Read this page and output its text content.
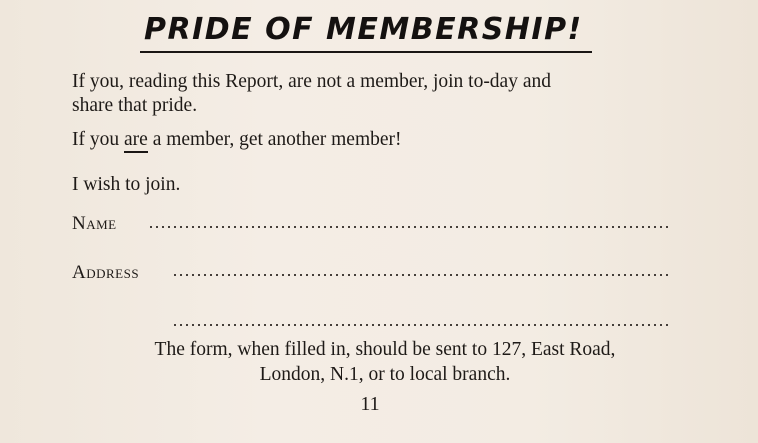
PRIDE OF MEMBERSHIP!
If you, reading this Report, are not a member, join to-day and
share that pride.
If you are a member, get another member!
I wish to join.
Name
Address
The form, when filled in, should be sent to 127, East Road,
London, N.1, or to local branch.
11
